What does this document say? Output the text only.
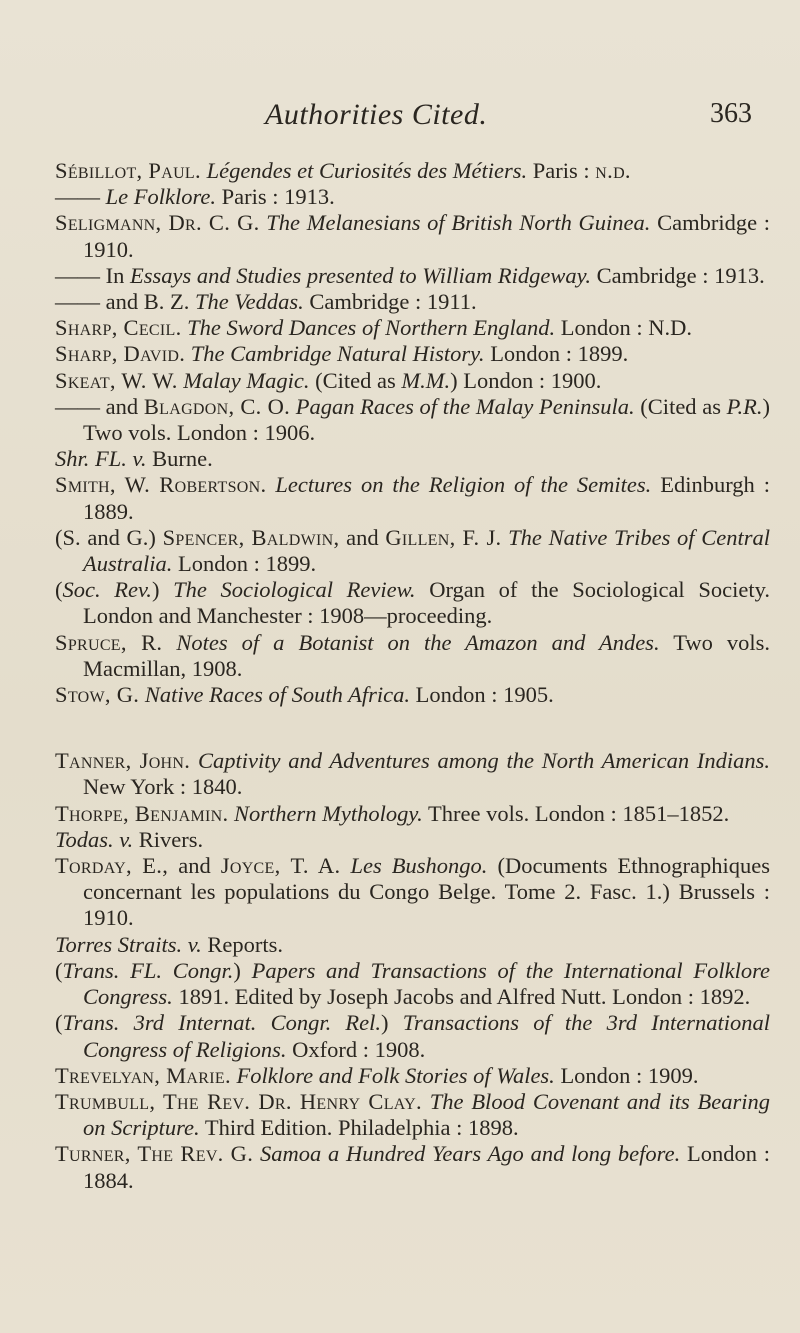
Authorities Cited.	363

Sébillot, Paul. Légendes et Curiosités des Métiers. Paris : n.d.

—— Le Folklore. Paris : 1913.

Seligmann, Dr. C. G. The Melanesians of British North Guinea. Cambridge : 1910.

—— In Essays and Studies presented to William Ridgeway. Cambridge : 1913.

—— and B. Z. The Veddas. Cambridge : 1911.

Sharp, Cecil. The Sword Dances of Northern England. London : N.D.

Sharp, David. The Cambridge Natural History. London : 1899.

Skeat, W. W. Malay Magic. (Cited as M.M.) London : 1900.

—— and Blagdon, C. O. Pagan Races of the Malay Peninsula. (Cited as P.R.) Two vols. London : 1906.

Shr. FL. v. Burne.

Smith, W. Robertson. Lectures on the Religion of the Semites. Edinburgh : 1889.

(S. and G.) Spencer, Baldwin, and Gillen, F. J. The Native Tribes of Central Australia. London : 1899.

(Soc. Rev.) The Sociological Review. Organ of the Sociological Society. London and Manchester : 1908—proceeding.

Spruce, R. Notes of a Botanist on the Amazon and Andes. Two vols. Macmillan, 1908.

Stow, G. Native Races of South Africa. London : 1905.

Tanner, John. Captivity and Adventures among the North American Indians. New York : 1840.

Thorpe, Benjamin. Northern Mythology. Three vols. London : 1851–1852.

Todas. v. Rivers.

Torday, E., and Joyce, T. A. Les Bushongo. (Documents Ethnographiques concernant les populations du Congo Belge. Tome 2. Fasc. 1.) Brussels : 1910.

Torres Straits. v. Reports.

(Trans. FL. Congr.) Papers and Transactions of the International Folklore Congress. 1891. Edited by Joseph Jacobs and Alfred Nutt. London : 1892.

(Trans. 3rd Internat. Congr. Rel.) Transactions of the 3rd International Congress of Religions. Oxford : 1908.

Trevelyan, Marie. Folklore and Folk Stories of Wales. London : 1909.

Trumbull, The Rev. Dr. Henry Clay. The Blood Covenant and its Bearing on Scripture. Third Edition. Philadelphia : 1898.

Turner, The Rev. G. Samoa a Hundred Years Ago and long before. London : 1884.
